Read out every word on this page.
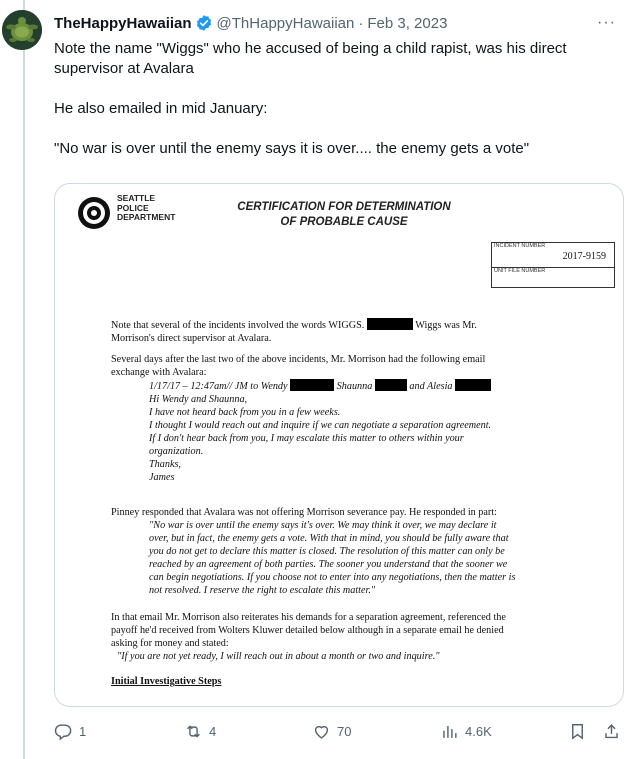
TheHappyHawaiian @ThHappyHawaiian · Feb 3, 2023	···

Note the name "Wiggs" who he accused of being a child rapist, was his direct supervisor at Avalara

He also emailed in mid January:

"No war is over until the enemy says it is over.... the enemy gets a vote"

SEATTLE
POLICE
DEPARTMENT
CERTIFICATION FOR DETERMINATION
OF PROBABLE CAUSE
INCIDENT NUMBER
2017-9159
UNIT FILE NUMBER

Note that several of the incidents involved the words WIGGS.	Wiggs was Mr.

Morrison's direct supervisor at Avalara.

Several days after the last two of the above incidents, Mr. Morrison had the following email

exchange with Avalara:

1/17/17 – 12:47am// JM to Wendy	Shaunna	and Alesia

Hi Wendy and Shaunna,

I have not heard back from you in a few weeks.

I thought I would reach out and inquire if we can negotiate a separation agreement.

If I don't hear back from you, I may escalate this matter to others within your

organization.

Thanks,

James

Pinney responded that Avalara was not offering Morrison severance pay. He responded in part:

"No war is over until the enemy says it's over. We may think it over, we may declare it

over, but in fact, the enemy gets a vote. With that in mind, you should be fully aware that

you do not get to declare this matter is closed. The resolution of this matter can only be

reached by an agreement of both parties. The sooner you understand that the sooner we

can begin negotiations. If you choose not to enter into any negotiations, then the matter is

not resolved. I reserve the right to escalate this matter."

In that email Mr. Morrison also reiterates his demands for a separation agreement, referenced the

payoff he'd received from Wolters Kluwer detailed below although in a separate email he denied

asking for money and stated:

"If you are not yet ready, I will reach out in about a month or two and inquire."

Initial Investigative Steps

1	4	70	4.6K
